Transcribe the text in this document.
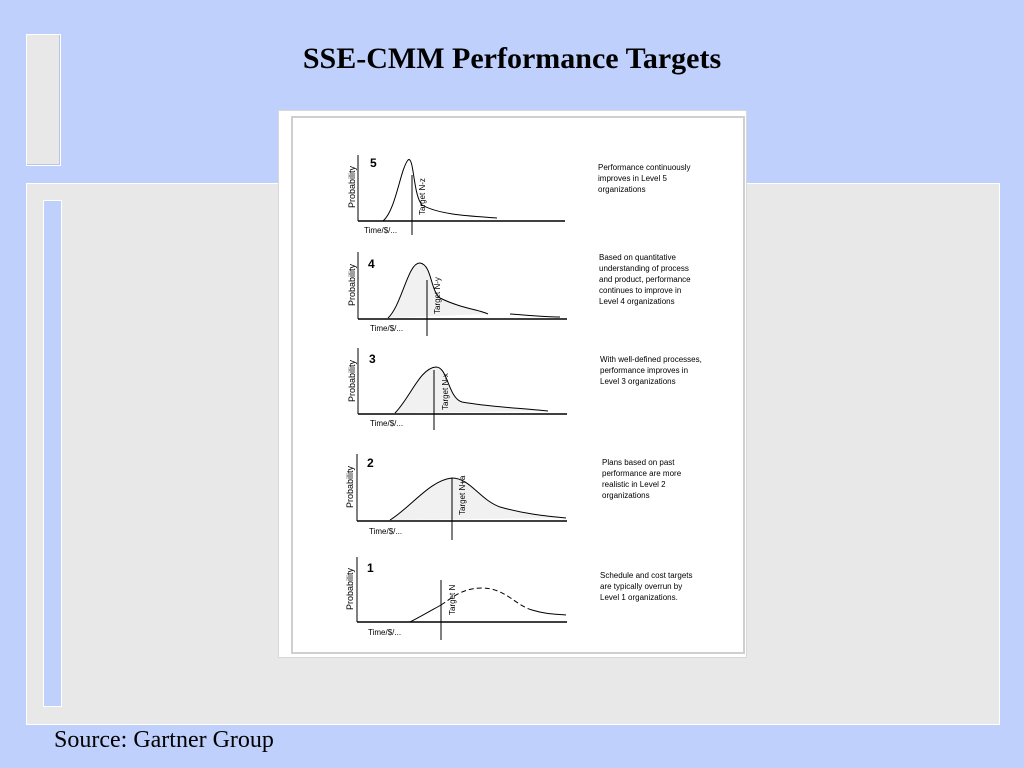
SSE-CMM Performance Targets
Probability
5
Target N-z
Time/$/...
Performance continuously improves in Level 5 organizations
Probability 4
Target N-y
Time/$/...
Based on quantitative understanding of process and product, performance continues to improve in Level 4 organizations
Probability
3
Target N-x
Time/$/...
With well-defined processes, performance improves in Level 3 organizations
Probability
2
Target N+a
Time/$/...
Plans based on past performance are more realistic in Level 2 organizations
Probability 1
Target N
Time/$/...
Schedule and cost targets are typically overrun by Level 1 organizations.
Source: Gartner Group
